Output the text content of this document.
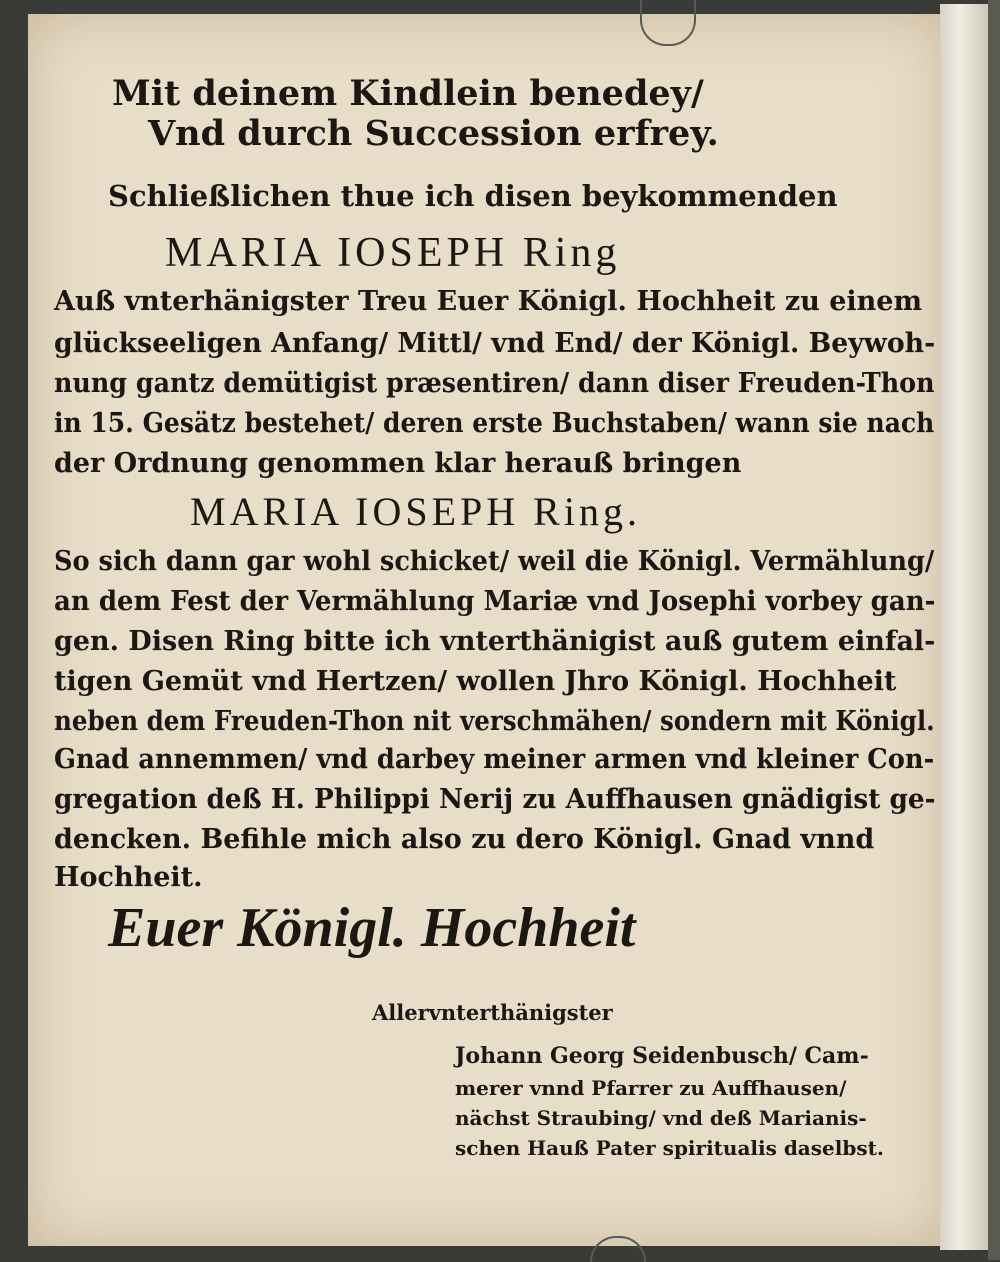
Mit deinem Kindlein benedey/
Vnd durch Succession erfrey.
Schließlichen thue ich disen beykommenden
MARIA IOSEPH Ring
Auß vnterhänigster Treu Euer Königl. Hochheit zu einem
glückseeligen Anfang/ Mittl/ vnd End/ der Königl. Beywoh-
nung gantz demütigist præsentiren/ dann diser Freuden-Thon
in 15. Gesätz bestehet/ deren erste Buchstaben/ wann sie nach
der Ordnung genommen klar herauß bringen
MARIA IOSEPH Ring.
So sich dann gar wohl schicket/ weil die Königl. Vermählung/
an dem Fest der Vermählung Mariæ vnd Josephi vorbey gan-
gen. Disen Ring bitte ich vnterthänigist auß gutem einfal-
tigen Gemüt vnd Hertzen/ wollen Jhro Königl. Hochheit
neben dem Freuden-Thon nit verschmähen/ sondern mit Königl.
Gnad annemmen/ vnd darbey meiner armen vnd kleiner Con-
gregation deß H. Philippi Nerij zu Auffhausen gnädigist ge-
dencken. Befihle mich also zu dero Königl. Gnad vnnd
Hochheit.
Euer Königl. Hochheit
Allervnterthänigster
Johann Georg Seidenbusch/ Cam-
merer vnnd Pfarrer zu Auffhausen/
nächst Straubing/ vnd deß Marianis-
schen Hauß Pater spiritualis daselbst.
